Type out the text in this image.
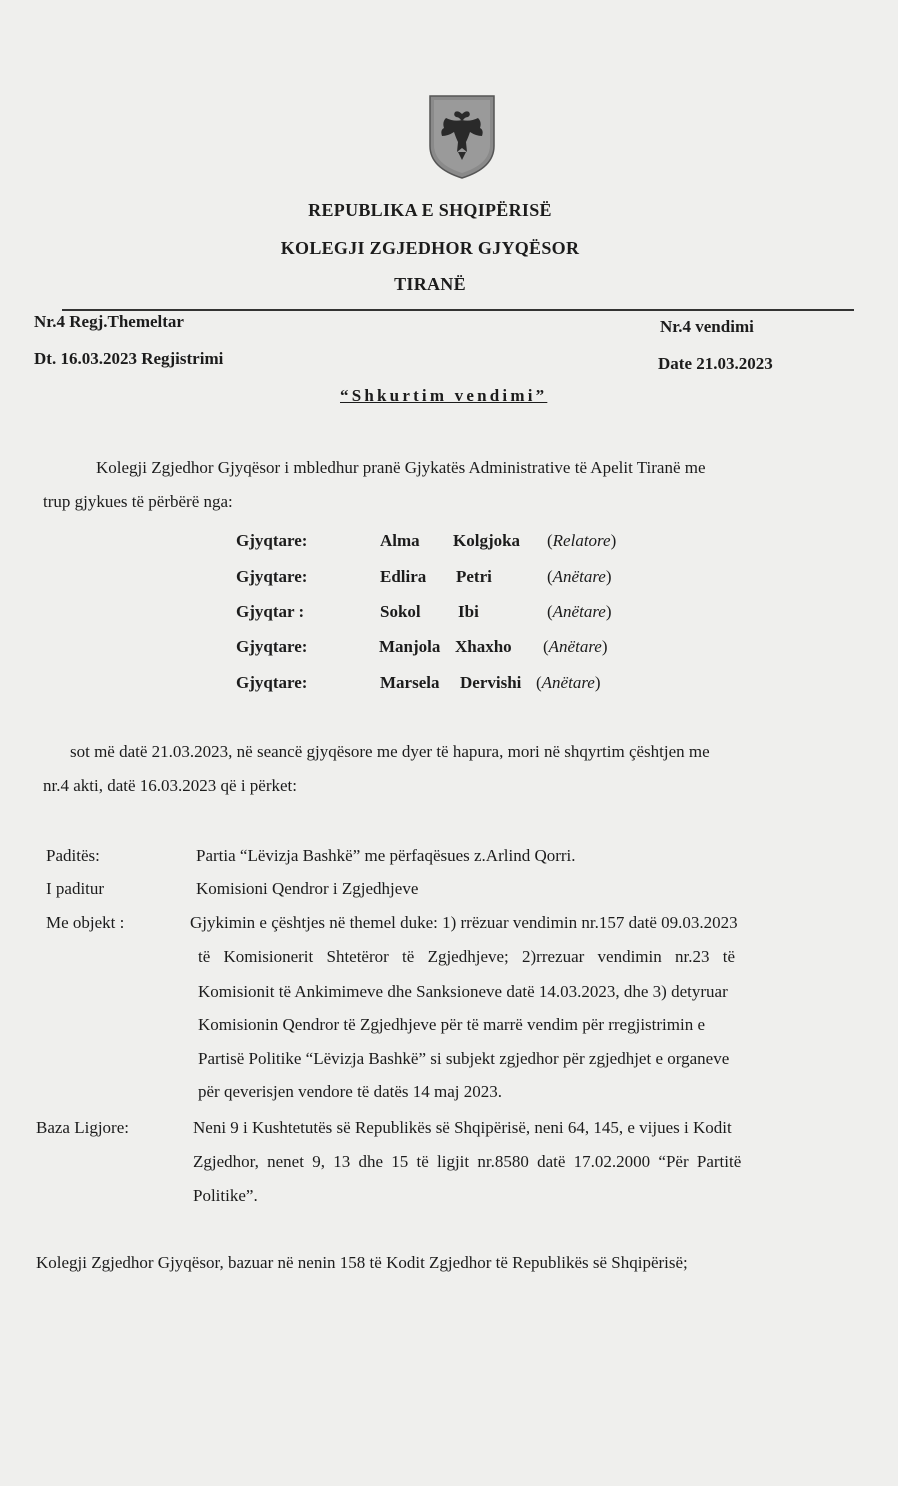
REPUBLIKA E SHQIPËRISË
KOLEGJI ZGJEDHOR GJYQËSOR
TIRANË
Nr.4 Regj.Themeltar
Dt. 16.03.2023 Regjistrimi
Nr.4 vendimi
Date 21.03.2023
“Shkurtim vendimi”
Kolegji Zgjedhor Gjyqësor i mbledhur pranë Gjykatës Administrative të Apelit Tiranë me
trup gjykues të përbërë nga:
Gjyqtare:	Alma Kolgjoka (Relatore)
Gjyqtare:	Edlira Petri	(Anëtare)
Gjyqtar :	Sokol Ibi	(Anëtare)
Gjyqtare:	Manjola Xhaxho (Anëtare)
Gjyqtare:	Marsela Dervishi (Anëtare)
sot më datë 21.03.2023, në seancë gjyqësore me dyer të hapura, mori në shqyrtim çështjen me
nr.4 akti, datë 16.03.2023 që i përket:
Paditës:	Partia “Lëvizja Bashkë” me përfaqësues z.Arlind Qorri.
I paditur	Komisioni Qendror i Zgjedhjeve
Me objekt :	Gjykimin e çështjes në themel duke: 1) rrëzuar vendimin nr.157 datë 09.03.2023
të Komisionerit Shtetëror të Zgjedhjeve; 2)rrezuar vendimin nr.23 të
Komisionit të Ankimimeve dhe Sanksioneve datë 14.03.2023, dhe 3) detyruar
Komisionin Qendror të Zgjedhjeve për të marrë vendim për rregjistrimin e
Partisë Politike “Lëvizja Bashkë” si subjekt zgjedhor për zgjedhjet e organeve
për qeverisjen vendore të datës 14 maj 2023.
Baza Ligjore:	Neni 9 i Kushtetutës së Republikës së Shqipërisë, neni 64, 145, e vijues i Kodit
Zgjedhor, nenet 9, 13 dhe 15 të ligjit nr.8580 datë 17.02.2000 “Për Partitë
Politike”.
Kolegji Zgjedhor Gjyqësor, bazuar në nenin 158 të Kodit Zgjedhor të Republikës së Shqipërisë;
